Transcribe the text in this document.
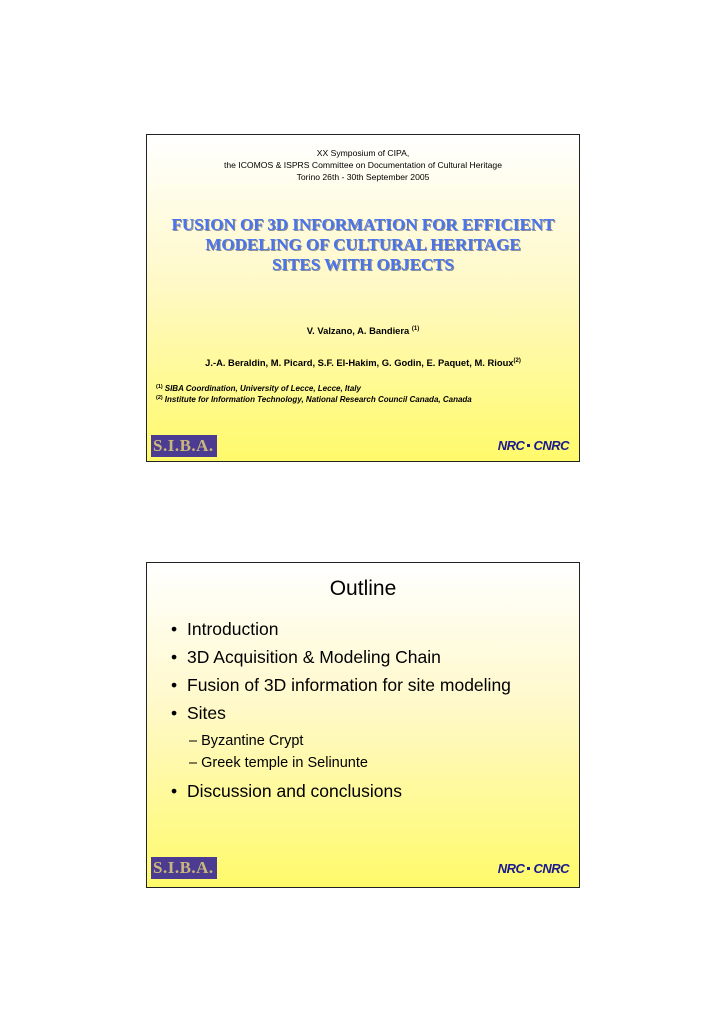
XX Symposium of CIPA,
the ICOMOS & ISPRS Committee on Documentation of Cultural Heritage
Torino 26th - 30th September 2005
FUSION OF 3D INFORMATION FOR EFFICIENT
MODELING OF CULTURAL HERITAGE
SITES WITH OBJECTS
V. Valzano, A. Bandiera $^{(1)}$
J.-A. Beraldin, M. Picard, S.F. El-Hakim, G. Godin, E. Paquet, M. Rioux$^{(2)}$
$^{(1)}$ SIBA Coordination, University of Lecce, Lecce, Italy
$^{(2)}$ Institute for Information Technology, National Research Council Canada, Canada
S.I.B.A.	NRC CNRC
Outline
• Introduction
• 3D Acquisition & Modeling Chain
• Fusion of 3D information for site modeling
• Sites
– Byzantine Crypt
– Greek temple in Selinunte
• Discussion and conclusions
S.I.B.A.	NRC CNRC
